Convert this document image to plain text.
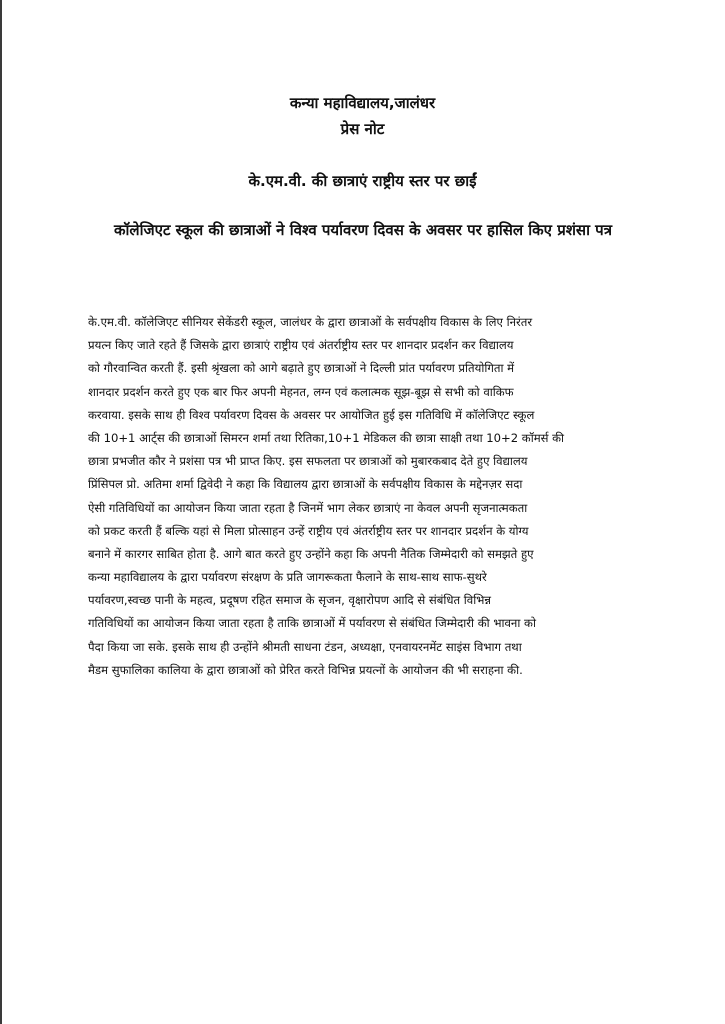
कन्या महाविद्यालय,जालंधर
प्रेस नोट
के.एम.वी. की छात्राएं राष्ट्रीय स्तर पर छाईं
कॉलेजिएट स्कूल की छात्राओं ने विश्व पर्यावरण दिवस के अवसर पर हासिल किए प्रशंसा पत्र
के.एम.वी. कॉलेजिएट सीनियर सेकेंडरी स्कूल, जालंधर के द्वारा छात्राओं के सर्वपक्षीय विकास के लिए निरंतर
प्रयत्न किए जाते रहते हैं जिसके द्वारा छात्राएं राष्ट्रीय एवं अंतर्राष्ट्रीय स्तर पर शानदार प्रदर्शन कर विद्यालय
को गौरवान्वित करती हैं. इसी श्रृंखला को आगे बढ़ाते हुए छात्राओं ने दिल्ली प्रांत पर्यावरण प्रतियोगिता में
शानदार प्रदर्शन करते हुए एक बार फिर अपनी मेहनत, लग्न एवं कलात्मक सूझ-बूझ से सभी को वाकिफ
करवाया. इसके साथ ही विश्व पर्यावरण दिवस के अवसर पर आयोजित हुई इस गतिविधि में कॉलेजिएट स्कूल
की 10+1 आर्ट्स की छात्राओं सिमरन शर्मा तथा रितिका,10+1 मेडिकल की छात्रा साक्षी तथा 10+2 कॉमर्स की
छात्रा प्रभजीत कौर ने प्रशंसा पत्र भी प्राप्त किए. इस सफलता पर छात्राओं को मुबारकबाद देते हुए विद्यालय
प्रिंसिपल प्रो. अतिमा शर्मा द्विवेदी ने कहा कि विद्यालय द्वारा छात्राओं के सर्वपक्षीय विकास के मद्देनज़र सदा
ऐसी गतिविधियों का आयोजन किया जाता रहता है जिनमें भाग लेकर छात्राएं ना केवल अपनी सृजनात्मकता
को प्रकट करती हैं बल्कि यहां से मिला प्रोत्साहन उन्हें राष्ट्रीय एवं अंतर्राष्ट्रीय स्तर पर शानदार प्रदर्शन के योग्य
बनाने में कारगर साबित होता है. आगे बात करते हुए उन्होंने कहा कि अपनी नैतिक जिम्मेदारी को समझते हुए
कन्या महाविद्यालय के द्वारा पर्यावरण संरक्षण के प्रति जागरूकता फैलाने के साथ-साथ साफ-सुथरे
पर्यावरण,स्वच्छ पानी के महत्व, प्रदूषण रहित समाज के सृजन, वृक्षारोपण आदि से संबंधित विभिन्न
गतिविधियों का आयोजन किया जाता रहता है ताकि छात्राओं में पर्यावरण से संबंधित जिम्मेदारी की भावना को
पैदा किया जा सके. इसके साथ ही उन्होंने श्रीमती साधना टंडन, अध्यक्षा, एनवायरनमेंट साइंस विभाग तथा
मैडम सुफालिका कालिया के द्वारा छात्राओं को प्रेरित करते विभिन्न प्रयत्नों के आयोजन की भी सराहना की.
